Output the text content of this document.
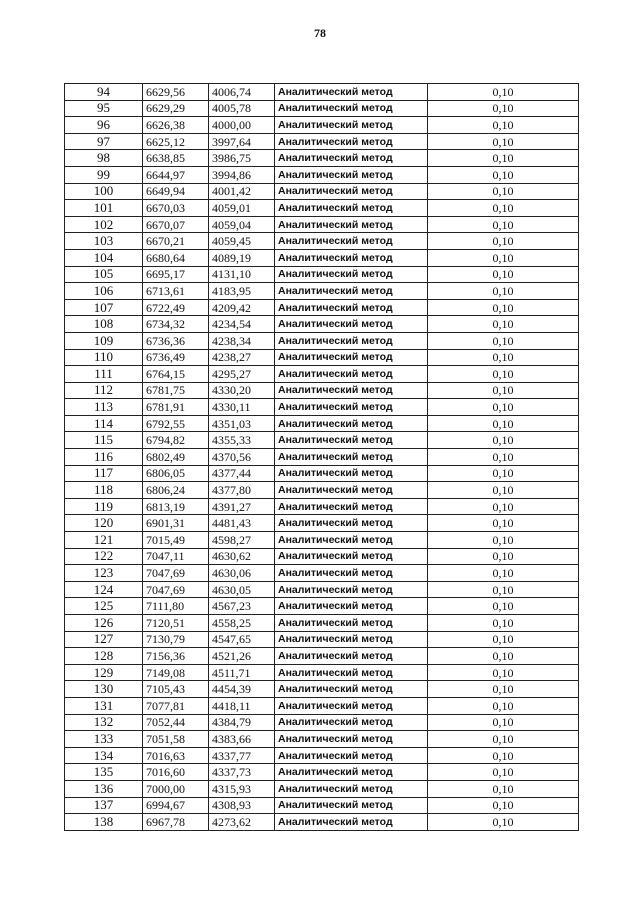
78
94	6629,56	4006,74	Аналитический метод	0,10
95	6629,29	4005,78	Аналитический метод	0,10
96	6626,38	4000,00	Аналитический метод	0,10
97	6625,12	3997,64	Аналитический метод	0,10
98	6638,85	3986,75	Аналитический метод	0,10
99	6644,97	3994,86	Аналитический метод	0,10
100	6649,94	4001,42	Аналитический метод	0,10
101	6670,03	4059,01	Аналитический метод	0,10
102	6670,07	4059,04	Аналитический метод	0,10
103	6670,21	4059,45	Аналитический метод	0,10
104	6680,64	4089,19	Аналитический метод	0,10
105	6695,17	4131,10	Аналитический метод	0,10
106	6713,61	4183,95	Аналитический метод	0,10
107	6722,49	4209,42	Аналитический метод	0,10
108	6734,32	4234,54	Аналитический метод	0,10
109	6736,36	4238,34	Аналитический метод	0,10
110	6736,49	4238,27	Аналитический метод	0,10
111	6764,15	4295,27	Аналитический метод	0,10
112	6781,75	4330,20	Аналитический метод	0,10
113	6781,91	4330,11	Аналитический метод	0,10
114	6792,55	4351,03	Аналитический метод	0,10
115	6794,82	4355,33	Аналитический метод	0,10
116	6802,49	4370,56	Аналитический метод	0,10
117	6806,05	4377,44	Аналитический метод	0,10
118	6806,24	4377,80	Аналитический метод	0,10
119	6813,19	4391,27	Аналитический метод	0,10
120	6901,31	4481,43	Аналитический метод	0,10
121	7015,49	4598,27	Аналитический метод	0,10
122	7047,11	4630,62	Аналитический метод	0,10
123	7047,69	4630,06	Аналитический метод	0,10
124	7047,69	4630,05	Аналитический метод	0,10
125	7111,80	4567,23	Аналитический метод	0,10
126	7120,51	4558,25	Аналитический метод	0,10
127	7130,79	4547,65	Аналитический метод	0,10
128	7156,36	4521,26	Аналитический метод	0,10
129	7149,08	4511,71	Аналитический метод	0,10
130	7105,43	4454,39	Аналитический метод	0,10
131	7077,81	4418,11	Аналитический метод	0,10
132	7052,44	4384,79	Аналитический метод	0,10
133	7051,58	4383,66	Аналитический метод	0,10
134	7016,63	4337,77	Аналитический метод	0,10
135	7016,60	4337,73	Аналитический метод	0,10
136	7000,00	4315,93	Аналитический метод	0,10
137	6994,67	4308,93	Аналитический метод	0,10
138	6967,78	4273,62	Аналитический метод	0,10
